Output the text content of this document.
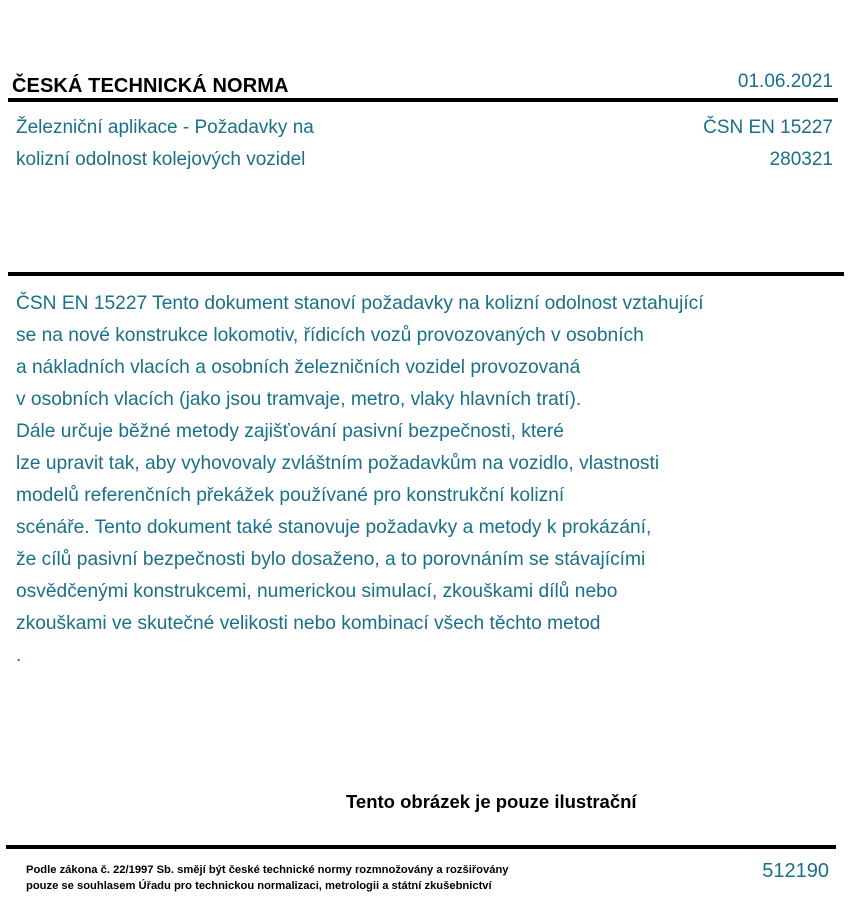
ČESKÁ TECHNICKÁ NORMA	01.06.2021
Železniční aplikace - Požadavky na
kolizní odolnost kolejových vozidel
ČSN EN 15227
280321
ČSN EN 15227 Tento dokument stanoví požadavky na kolizní odolnost vztahující
se na nové konstrukce lokomotiv, řídicích vozů provozovaných v osobních
a nákladních vlacích a osobních železničních vozidel provozovaná
v osobních vlacích (jako jsou tramvaje, metro, vlaky hlavních tratí).
Dále určuje běžné metody zajišťování pasivní bezpečnosti, které
lze upravit tak, aby vyhovovaly zvláštním požadavkům na vozidlo, vlastnosti
modelů referenčních překážek používané pro konstrukční kolizní
scénáře. Tento dokument také stanovuje požadavky a metody k prokázání,
že cílů pasivní bezpečnosti bylo dosaženo, a to porovnáním se stávajícími
osvědčenými konstrukcemi, numerickou simulací, zkouškami dílů nebo
zkouškami ve skutečné velikosti nebo kombinací všech těchto metod
.
Tento obrázek je pouze ilustrační
Podle zákona č. 22/1997 Sb. smějí být české technické normy rozmnožovány a rozšiřovány
pouze se souhlasem Úřadu pro technickou normalizaci, metrologii a státní zkušebnictví
512190
